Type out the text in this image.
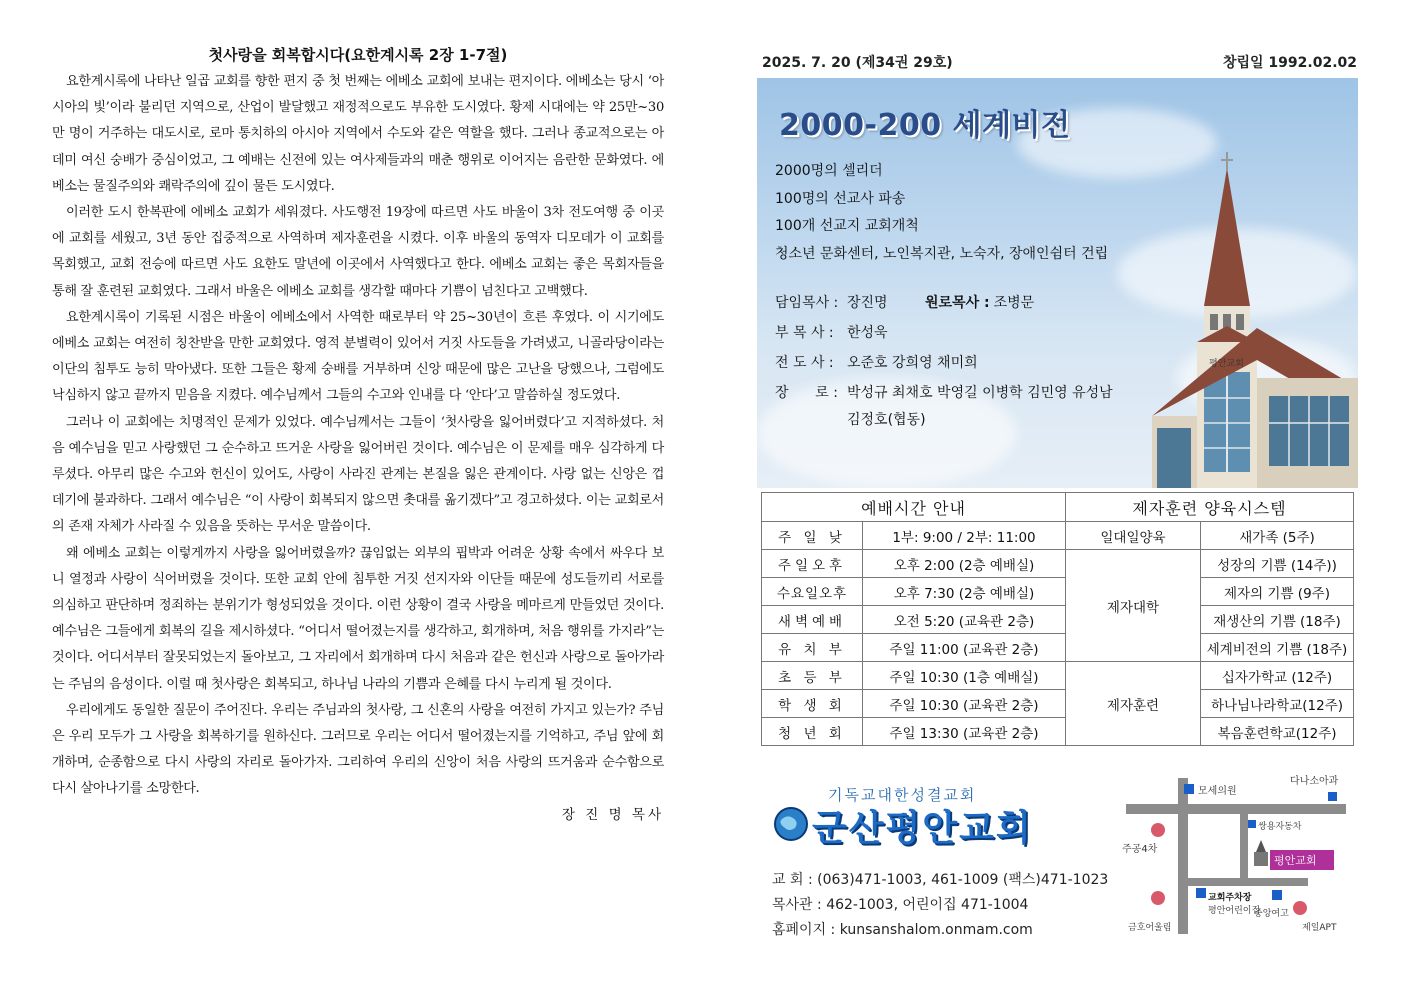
첫사랑을 회복합시다(요한계시록 2장 1-7절)

요한계시록에 나타난 일곱 교회를 향한 편지 중 첫 번째는 에베소 교회에 보내는 편지이다. 에베소는 당시 ‘아시아의 빛’이라 불리던 지역으로, 산업이 발달했고 재정적으로도 부유한 도시였다. 황제 시대에는 약 25만~30만 명이 거주하는 대도시로, 로마 통치하의 아시아 지역에서 수도와 같은 역할을 했다. 그러나 종교적으로는 아데미 여신 숭배가 중심이었고, 그 예배는 신전에 있는 여사제들과의 매춘 행위로 이어지는 음란한 문화였다. 에베소는 물질주의와 쾌락주의에 깊이 물든 도시였다.

이러한 도시 한복판에 에베소 교회가 세워졌다. 사도행전 19장에 따르면 사도 바울이 3차 전도여행 중 이곳에 교회를 세웠고, 3년 동안 집중적으로 사역하며 제자훈련을 시켰다. 이후 바울의 동역자 디모데가 이 교회를 목회했고, 교회 전승에 따르면 사도 요한도 말년에 이곳에서 사역했다고 한다. 에베소 교회는 좋은 목회자들을 통해 잘 훈련된 교회였다. 그래서 바울은 에베소 교회를 생각할 때마다 기쁨이 넘친다고 고백했다.

요한계시록이 기록된 시점은 바울이 에베소에서 사역한 때로부터 약 25~30년이 흐른 후였다. 이 시기에도 에베소 교회는 여전히 칭찬받을 만한 교회였다. 영적 분별력이 있어서 거짓 사도들을 가려냈고, 니골라당이라는 이단의 침투도 능히 막아냈다. 또한 그들은 황제 숭배를 거부하며 신앙 때문에 많은 고난을 당했으나, 그럼에도 낙심하지 않고 끝까지 믿음을 지켰다. 예수님께서 그들의 수고와 인내를 다 ‘안다’고 말씀하실 정도였다.

그러나 이 교회에는 치명적인 문제가 있었다. 예수님께서는 그들이 ‘첫사랑을 잃어버렸다’고 지적하셨다. 처음 예수님을 믿고 사랑했던 그 순수하고 뜨거운 사랑을 잃어버린 것이다. 예수님은 이 문제를 매우 심각하게 다루셨다. 아무리 많은 수고와 헌신이 있어도, 사랑이 사라진 관계는 본질을 잃은 관계이다. 사랑 없는 신앙은 껍데기에 불과하다. 그래서 예수님은 “이 사랑이 회복되지 않으면 촛대를 옮기겠다”고 경고하셨다. 이는 교회로서의 존재 자체가 사라질 수 있음을 뜻하는 무서운 말씀이다.

왜 에베소 교회는 이렇게까지 사랑을 잃어버렸을까? 끊임없는 외부의 핍박과 어려운 상황 속에서 싸우다 보니 열정과 사랑이 식어버렸을 것이다. 또한 교회 안에 침투한 거짓 선지자와 이단들 때문에 성도들끼리 서로를 의심하고 판단하며 정죄하는 분위기가 형성되었을 것이다. 이런 상황이 결국 사랑을 메마르게 만들었던 것이다. 예수님은 그들에게 회복의 길을 제시하셨다. “어디서 떨어졌는지를 생각하고, 회개하며, 처음 행위를 가지라”는 것이다. 어디서부터 잘못되었는지 돌아보고, 그 자리에서 회개하며 다시 처음과 같은 헌신과 사랑으로 돌아가라는 주님의 음성이다. 이럴 때 첫사랑은 회복되고, 하나님 나라의 기쁨과 은혜를 다시 누리게 될 것이다.

우리에게도 동일한 질문이 주어진다. 우리는 주님과의 첫사랑, 그 신혼의 사랑을 여전히 가지고 있는가? 주님은 우리 모두가 그 사랑을 회복하기를 원하신다. 그러므로 우리는 어디서 떨어졌는지를 기억하고, 주님 앞에 회개하며, 순종함으로 다시 사랑의 자리로 돌아가자. 그리하여 우리의 신앙이 처음 사랑의 뜨거움과 순수함으로 다시 살아나기를 소망한다.

장 진 명 목사
2025. 7. 20 (제34권 29호)	창립일 1992.02.02
평안교회
2000-200 세계비전
2000명의 셀리더
100명의 선교사 파송
100개 선교지 교회개척
청소년 문화센터, 노인복지관, 노숙자, 장애인쉼터 건립
담임목사 : 장진명	원로목사 : 조병문
부 목 사 : 한성욱
전 도 사 : 오준호 강희영 채미희
장      로 : 박성규 최채호 박영길 이병학 김민영 유성남
김정호(협동)
예배시간 안내		제자훈련 양육시스템	
주 일 낮	1부: 9:00 / 2부: 11:00	일대일양육	새가족 (5주)
주일오후	오후 2:00 (2층 예배실)	제자대학	성장의 기쁨 (14주))
수요일오후	오후 7:30 (2층 예배실)		제자의 기쁨 (9주)
새벽예배	오전 5:20 (교육관 2층)		재생산의 기쁨 (18주)
유 치 부	주일 11:00 (교육관 2층)		세계비전의 기쁨 (18주)
초 등 부	주일 10:30 (1층 예배실)	제자훈련	십자가학교 (12주)
학 생 회	주일 10:30 (교육관 2층)		하나님나라학교(12주)
청 년 회	주일 13:30 (교육관 2층)		복음훈련학교(12주)
기독교대한성결교회
군산평안교회
교 회 : (063)471-1003, 461-1009 (팩스)471-1023
목사관 : 462-1003, 어린이집 471-1004
홈페이지 : kunsanshalom.onmam.com
다나소아과
모세의원
쌍용자동차
주공4차
평안교회
교회주차장
평안어린이집
금호어울림
중앙여고
제일APT
